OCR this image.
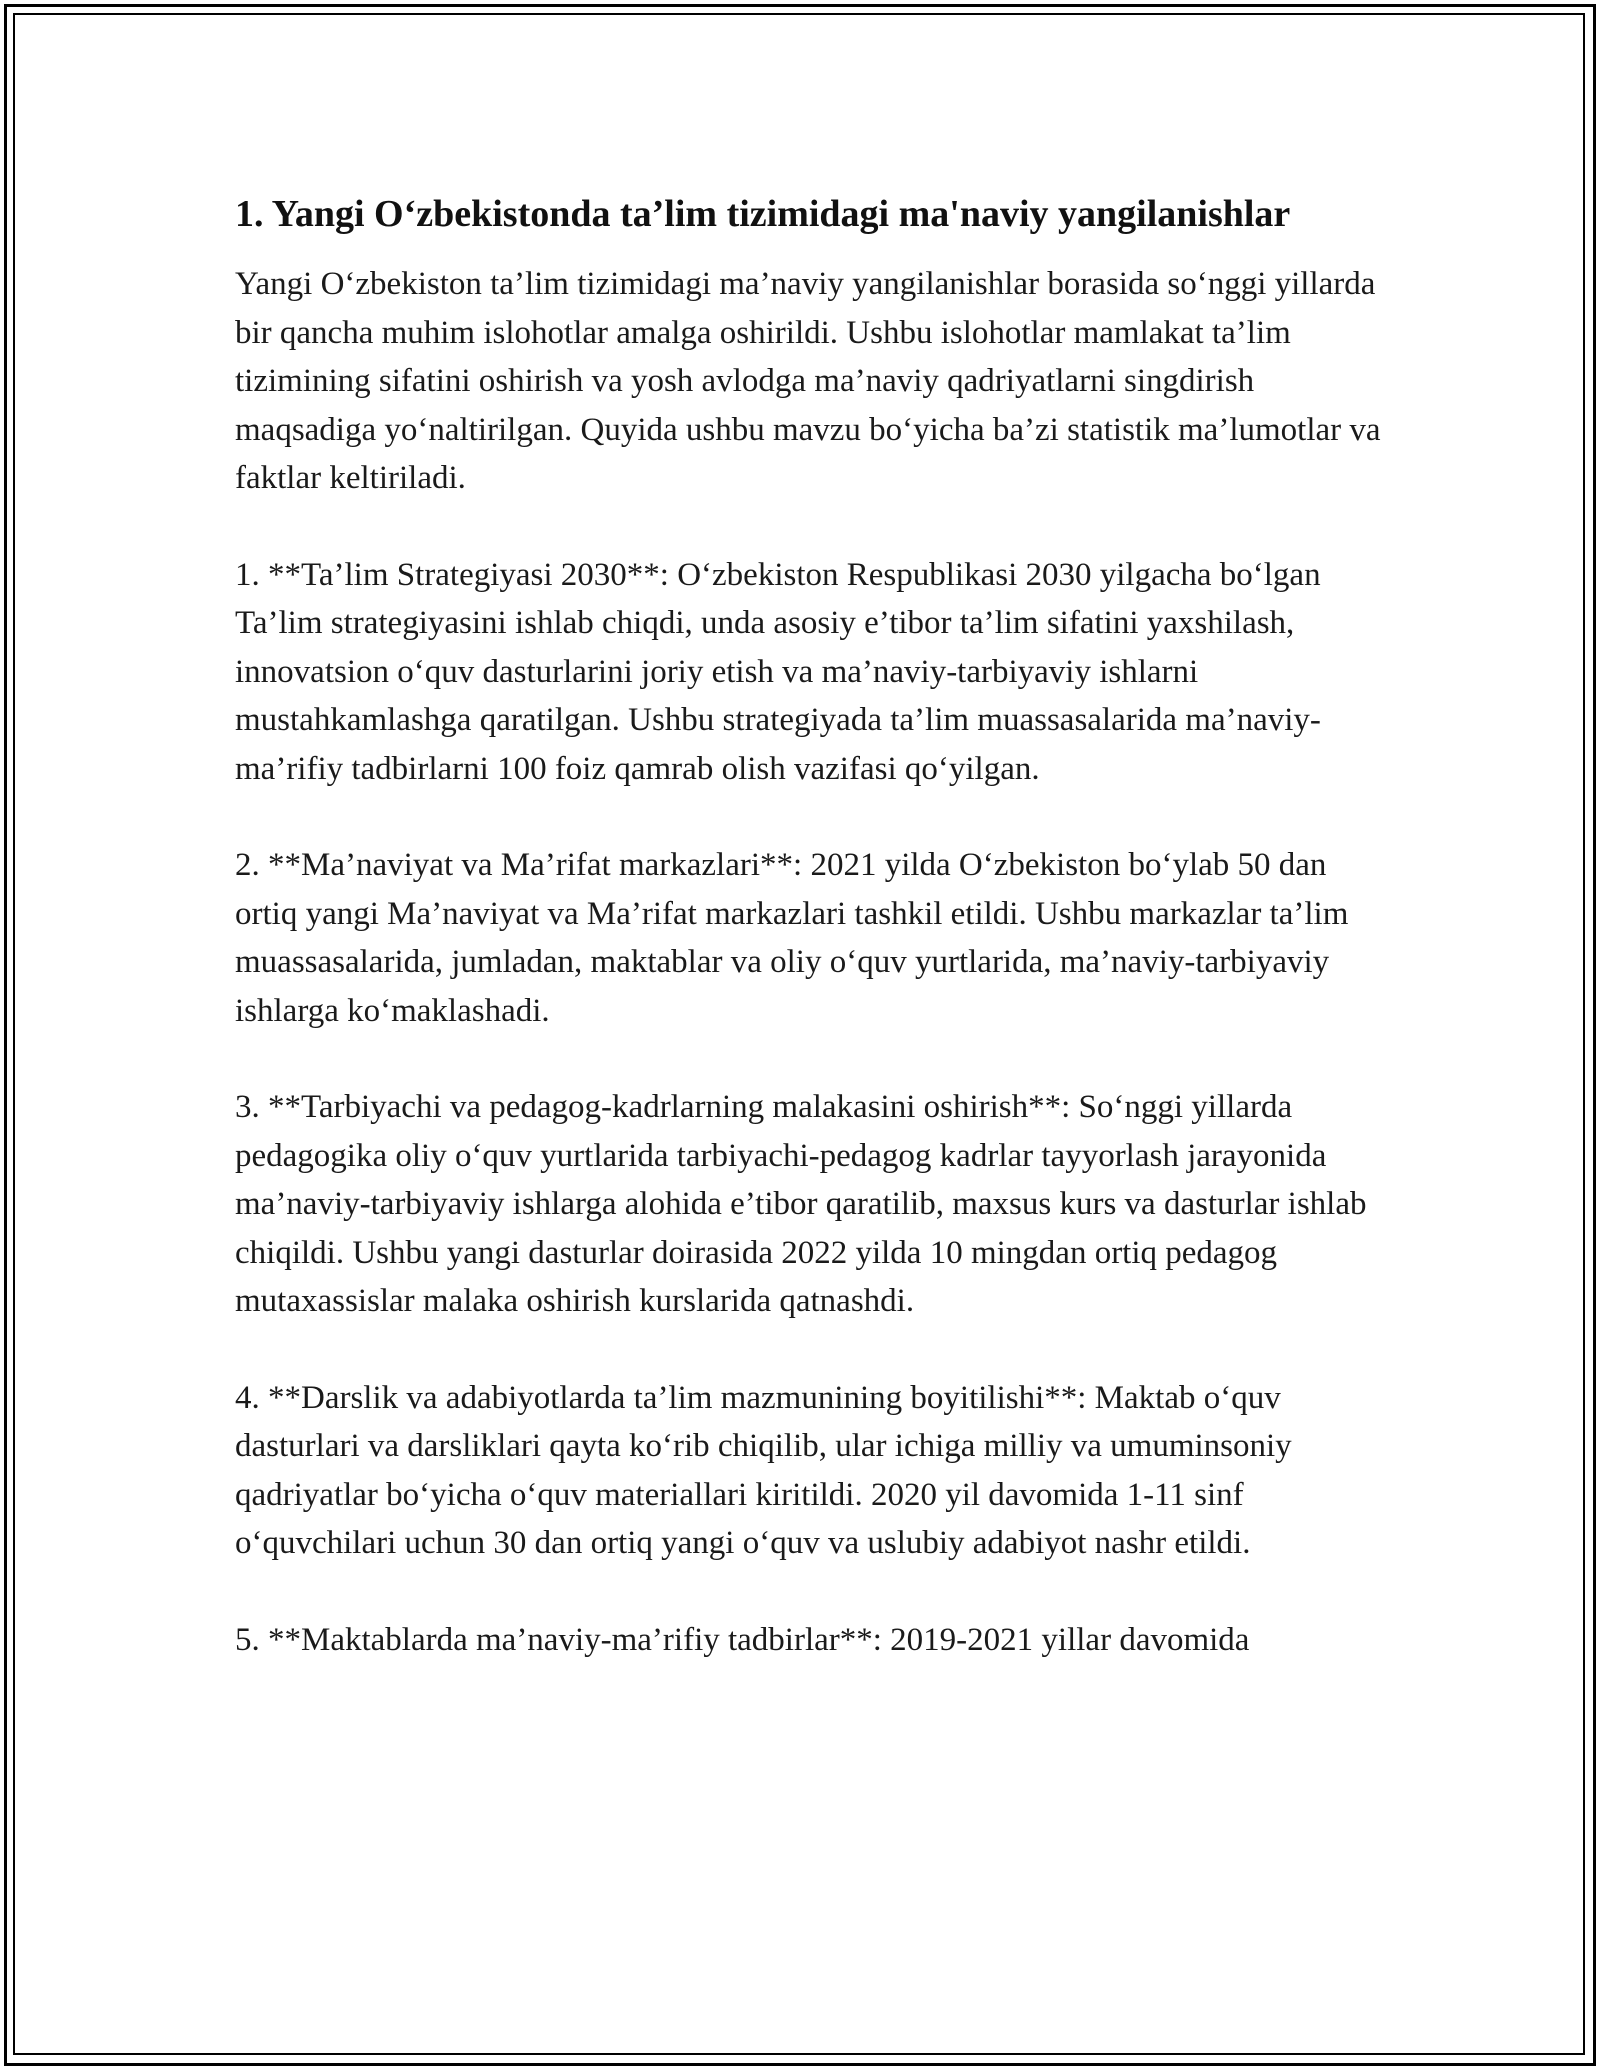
1. Yangi O‘zbekistonda ta’lim tizimidagi ma'naviy yangilanishlar

Yangi O‘zbekiston ta’lim tizimidagi ma’naviy yangilanishlar borasida so‘nggi yillarda bir qancha muhim islohotlar amalga oshirildi. Ushbu islohotlar mamlakat ta’lim tizimining sifatini oshirish va yosh avlodga ma’naviy qadriyatlarni singdirish maqsadiga yo‘naltirilgan. Quyida ushbu mavzu bo‘yicha ba’zi statistik ma’lumotlar va faktlar keltiriladi.

1. **Ta’lim Strategiyasi 2030**: O‘zbekiston Respublikasi 2030 yilgacha bo‘lgan Ta’lim strategiyasini ishlab chiqdi, unda asosiy e’tibor ta’lim sifatini yaxshilash, innovatsion o‘quv dasturlarini joriy etish va ma’naviy-tarbiyaviy ishlarni mustahkamlashga qaratilgan. Ushbu strategiyada ta’lim muassasalarida ma’naviy-ma’rifiy tadbirlarni 100 foiz qamrab olish vazifasi qo‘yilgan.

2. **Ma’naviyat va Ma’rifat markazlari**: 2021 yilda O‘zbekiston bo‘ylab 50 dan ortiq yangi Ma’naviyat va Ma’rifat markazlari tashkil etildi. Ushbu markazlar ta’lim muassasalarida, jumladan, maktablar va oliy o‘quv yurtlarida, ma’naviy-tarbiyaviy ishlarga ko‘maklashadi.

3. **Tarbiyachi va pedagog-kadrlarning malakasini oshirish**: So‘nggi yillarda pedagogika oliy o‘quv yurtlarida tarbiyachi-pedagog kadrlar tayyorlash jarayonida ma’naviy-tarbiyaviy ishlarga alohida e’tibor qaratilib, maxsus kurs va dasturlar ishlab chiqildi. Ushbu yangi dasturlar doirasida 2022 yilda 10 mingdan ortiq pedagog mutaxassislar malaka oshirish kurslarida qatnashdi.

4. **Darslik va adabiyotlarda ta’lim mazmunining boyitilishi**: Maktab o‘quv dasturlari va darsliklari qayta ko‘rib chiqilib, ular ichiga milliy va umuminsoniy qadriyatlar bo‘yicha o‘quv materiallari kiritildi. 2020 yil davomida 1-11 sinf o‘quvchilari uchun 30 dan ortiq yangi o‘quv va uslubiy adabiyot nashr etildi.

5. **Maktablarda ma’naviy-ma’rifiy tadbirlar**: 2019-2021 yillar davomida
